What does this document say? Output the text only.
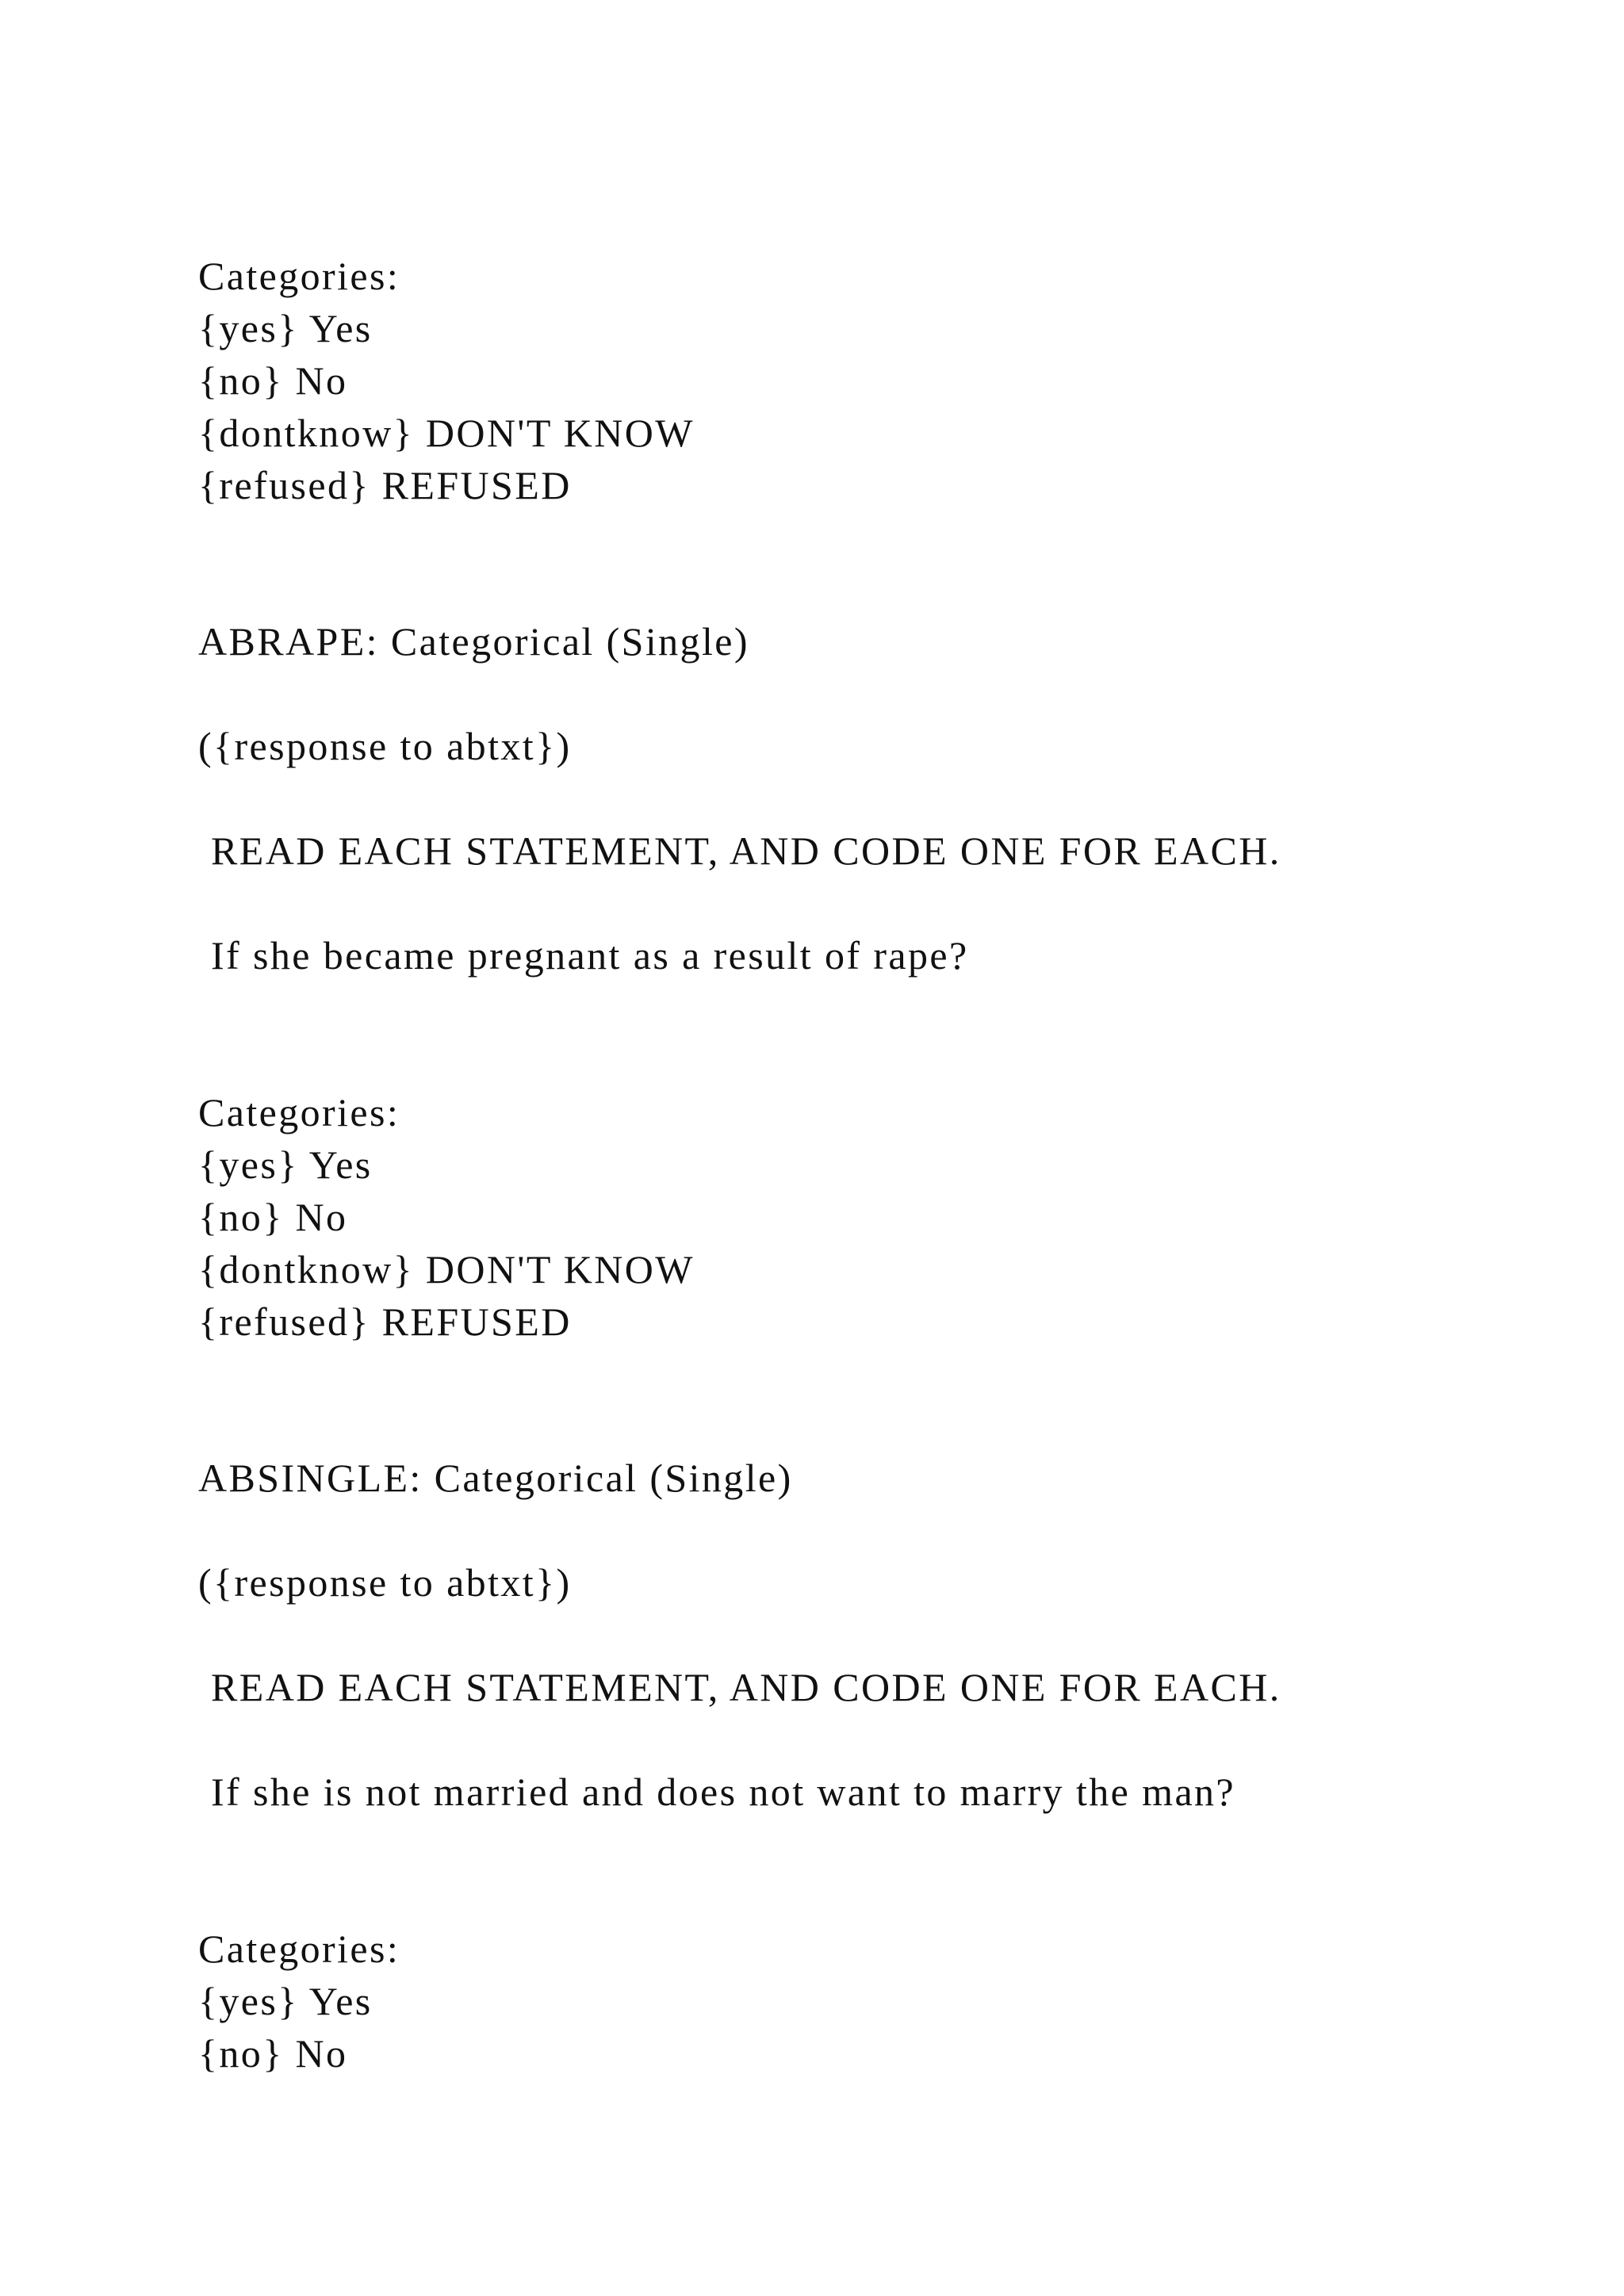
Categories:

{yes} Yes

{no} No

{dontknow} DON'T KNOW

{refused} REFUSED

ABRAPE: Categorical (Single)

({response to abtxt})

READ EACH STATEMENT, AND CODE ONE FOR EACH.

If she became pregnant as a result of rape?

Categories:

{yes} Yes

{no} No

{dontknow} DON'T KNOW

{refused} REFUSED

ABSINGLE: Categorical (Single)

({response to abtxt})

READ EACH STATEMENT, AND CODE ONE FOR EACH.

If she is not married and does not want to marry the man?

Categories:

{yes} Yes

{no} No
